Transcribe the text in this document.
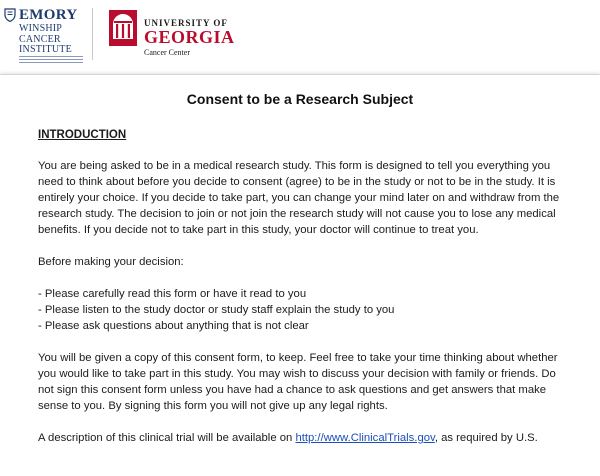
EMORY
WINSHIP
CANCER
INSTITUTE
UNIVERSITY OF
GEORGIA
Cancer Center
Consent to be a Research Subject
INTRODUCTION

You are being asked to be in a medical research study. This form is designed to tell you everything you need to think about before you decide to consent (agree) to be in the study or not to be in the study. It is entirely your choice. If you decide to take part, you can change your mind later on and withdraw from the research study. The decision to join or not join the research study will not cause you to lose any medical benefits. If you decide not to take part in this study, your doctor will continue to treat you.

Before making your decision:

- Please carefully read this form or have it read to you
- Please listen to the study doctor or study staff explain the study to you
- Please ask questions about anything that is not clear

You will be given a copy of this consent form, to keep. Feel free to take your time thinking about whether you would like to take part in this study. You may wish to discuss your decision with family or friends. Do not sign this consent form unless you have had a chance to ask questions and get answers that make sense to you. By signing this form you will not give up any legal rights.

A description of this clinical trial will be available on http://www.ClinicalTrials.gov, as required by U.S.
